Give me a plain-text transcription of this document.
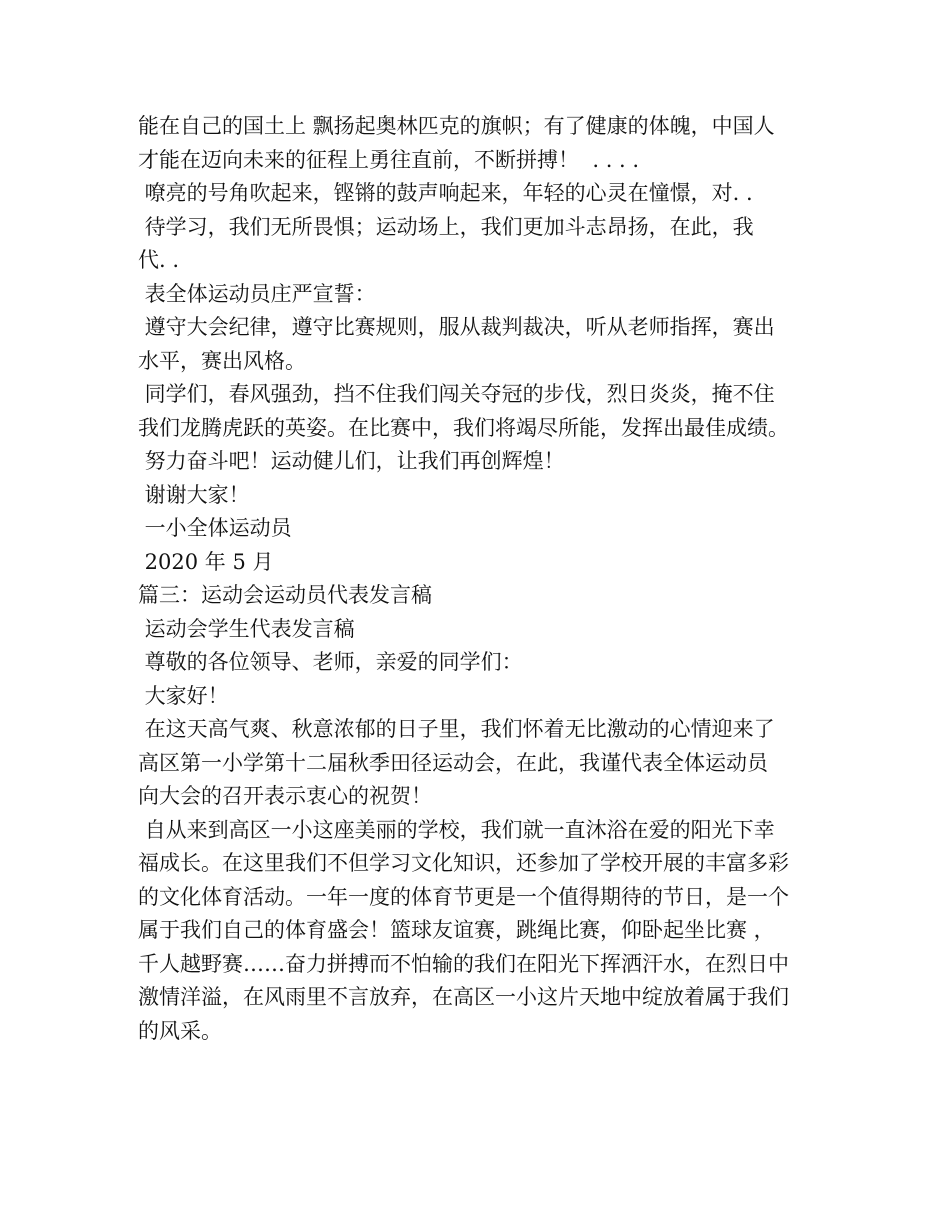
能在自己的国土上 飘扬起奥林匹克的旗帜；有了健康的体魄，中国人
才能在迈向未来的征程上勇往直前，不断拼搏！  . . . .
嘹亮的号角吹起来，铿锵的鼓声响起来，年轻的心灵在憧憬，对. .
待学习，我们无所畏惧；运动场上，我们更加斗志昂扬，在此，我
代. .
表全体运动员庄严宣誓：
遵守大会纪律，遵守比赛规则，服从裁判裁决，听从老师指挥，赛出
水平，赛出风格。
同学们，春风强劲，挡不住我们闯关夺冠的步伐，烈日炎炎，掩不住
我们龙腾虎跃的英姿。在比赛中，我们将竭尽所能，发挥出最佳成绩。
努力奋斗吧！运动健儿们，让我们再创辉煌！
谢谢大家！
一小全体运动员
2020 年 5 月
篇三：运动会运动员代表发言稿
运动会学生代表发言稿
尊敬的各位领导、老师，亲爱的同学们：
大家好！
在这天高气爽、秋意浓郁的日子里，我们怀着无比激动的心情迎来了
高区第一小学第十二届秋季田径运动会，在此，我谨代表全体运动员
向大会的召开表示衷心的祝贺！
自从来到高区一小这座美丽的学校，我们就一直沐浴在爱的阳光下幸
福成长。在这里我们不但学习文化知识，还参加了学校开展的丰富多彩
的文化体育活动。一年一度的体育节更是一个值得期待的节日，是一个
属于我们自己的体育盛会！篮球友谊赛，跳绳比赛，仰卧起坐比赛 ，
千人越野赛……奋力拼搏而不怕输的我们在阳光下挥洒汗水，在烈日中
激情洋溢，在风雨里不言放弃，在高区一小这片天地中绽放着属于我们
的风采。
